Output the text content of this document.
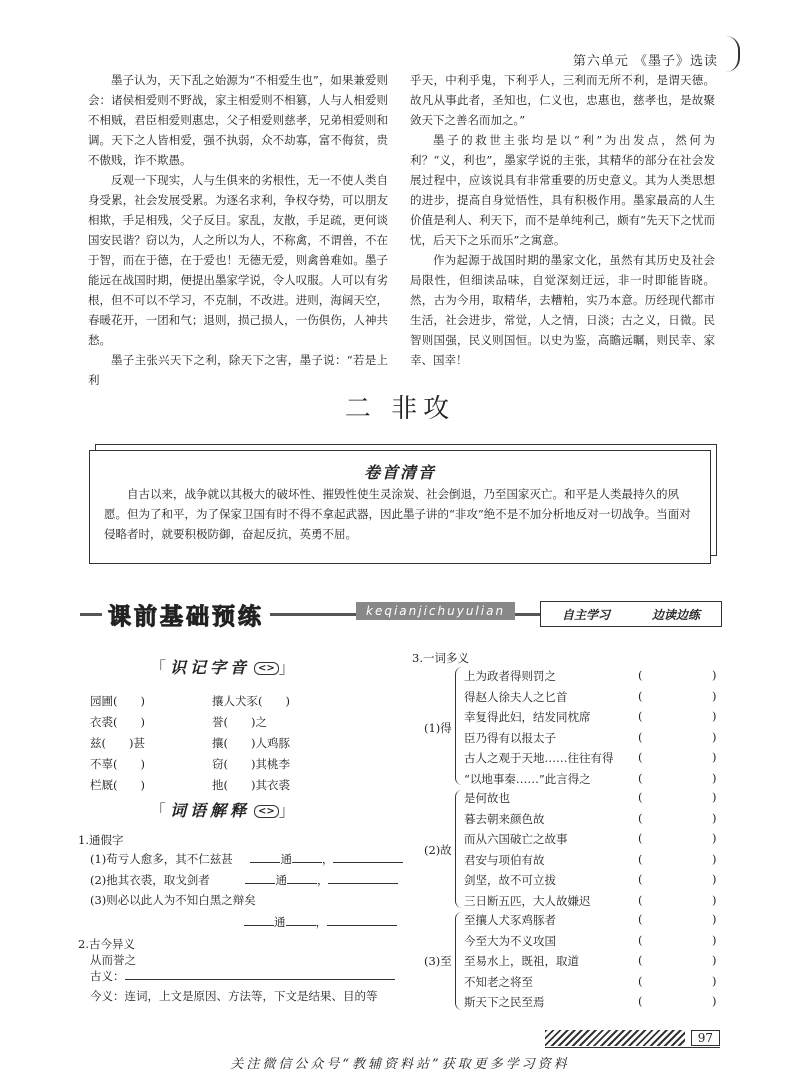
第六单元 《墨子》选读

墨子认为，天下乱之始源为“不相爱生也”，如果兼爱则会：诸侯相爱则不野战，家主相爱则不相篡，人与人相爱则不相贼，君臣相爱则惠忠，父子相爱则慈孝，兄弟相爱则和调。天下之人皆相爱，强不执弱，众不劫寡，富不侮贫，贵不傲贱，诈不欺愚。

反观一下现实，人与生俱来的劣根性，无一不使人类自身受累，社会发展受累。为逐名求利，争权夺势，可以朋友相欺，手足相残，父子反目。家乱，友散，手足疏，更何谈国安民谐？窃以为，人之所以为人，不称禽，不谓兽，不在于智，而在于德，在于爱也！无德无爱，则禽兽难如。墨子能远在战国时期，便提出墨家学说，令人叹服。人可以有劣根，但不可以不学习，不克制，不改进。进则，海阔天空，春暖花开，一团和气；退则，损己损人，一伤俱伤，人神共愁。

墨子主张兴天下之利，除天下之害，墨子说：“若是上利

乎天，中利乎鬼，下利乎人，三利而无所不利，是谓天德。故凡从事此者，圣知也，仁义也，忠惠也，慈孝也，是故聚敛天下之善名而加之。”

墨子的救世主张均是以“利”为出发点，然何为利？“义，利也”，墨家学说的主张，其精华的部分在社会发展过程中，应该说具有非常重要的历史意义。其为人类思想的进步，提高自身觉悟性，具有积极作用。墨家最高的人生价值是利人、利天下，而不是单纯利己，颇有“先天下之忧而忧，后天下之乐而乐”之寓意。

作为起源于战国时期的墨家文化，虽然有其历史及社会局限性，但细读品味，自觉深刻迂远，非一时即能皆晓。然，古为今用，取精华，去糟粕，实乃本意。历经现代都市生活，社会进步，常觉，人之情，日淡；古之义，日微。民智则国强，民义则国恒。以史为鉴，高瞻远瞩，则民幸、家幸、国幸！

二 非攻
卷首清音

自古以来，战争就以其极大的破坏性、摧毁性使生灵涂炭、社会倒退，乃至国家灭亡。和平是人类最持久的夙愿。但为了和平，为了保家卫国有时不得不拿起武器，因此墨子讲的“非攻”绝不是不加分析地反对一切战争。当面对侵略者时，就要积极防御，奋起反抗，英勇不屈。

课前基础预练	keqianjichuyulian	自主学习	边读边练
「识记字音 <> 」
园圃(　　)	攘人犬豕(　　)
衣裘(　　)	誉(　　)之
兹(　　)甚	攘(　　)人鸡豚
不辜(　　)	窃(　　)其桃李
栏厩(　　)	扡(　　)其衣裘
「词语解释 <> 」
1.通假字
(1)苟亏人愈多，其不仁兹甚	通	，
(2)扡其衣裘，取戈剑者	通	，
(3)则必以此人为不知白黑之辩矣
通	，
2.古今异义
从而誉之
古义：
今义：连词，上文是原因、方法等，下文是结果、目的等
3.一词多义
(1)得
上为政者得则罚之	(	)
得赵人徐夫人之匕首	(	)
幸复得此妇，结发同枕席	(	)
臣乃得有以报太子	(	)
古人之观于天地……往往有得 (	)
“以地事秦……”此言得之	(	)
(2)故
是何故也	(	)
暮去朝来颜色故	(	)
而从六国破亡之故事	(	)
君安与项伯有故	(	)
剑坚，故不可立拔	(	)
三日断五匹，大人故嫌迟	(	)
(3)至
至攘人犬豕鸡豚者	(	)
今至大为不义攻国	(	)
至易水上，既祖，取道	(	)
不知老之将至	(	)
斯天下之民至焉	(	)
97
关注微信公众号“教辅资料站”获取更多学习资料
